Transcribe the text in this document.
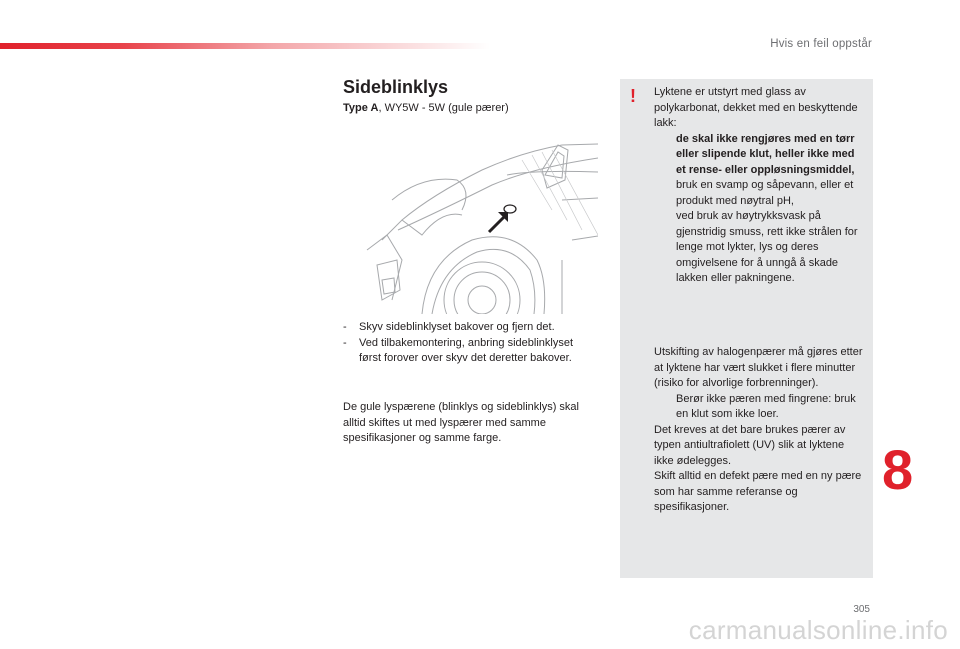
Hvis en feil oppstår
Sideblinklys
Type A, WY5W - 5W (gule pærer)
- Skyv sideblinklyset bakover og fjern det.
- Ved tilbakemontering, anbring sideblinklyset først forover over skyv det deretter bakover.
De gule lyspærene (blinklys og sideblinklys) skal alltid skiftes ut med lyspærer med samme spesifikasjoner og samme farge.
! Lyktene er utstyrt med glass av polykarbonat, dekket med en beskyttende lakk:
de skal ikke rengjøres med en tørr eller slipende klut, heller ikke med et rense- eller oppløsningsmiddel,
bruk en svamp og såpevann, eller et produkt med nøytral pH,
ved bruk av høytrykksvask på gjenstridig smuss, rett ikke strålen for lenge mot lykter, lys og deres omgivelsene for å unngå å skade lakken eller pakningene.
Utskifting av halogenpærer må gjøres etter at lyktene har vært slukket i flere minutter (risiko for alvorlige forbrenninger).
Berør ikke pæren med fingrene: bruk en klut som ikke loer.
Det kreves at det bare brukes pærer av typen antiultrafiolett (UV) slik at lyktene ikke ødelegges.
Skift alltid en defekt pære med en ny pære som har samme referanse og spesifikasjoner.
8
305
carmanualsonline.info
